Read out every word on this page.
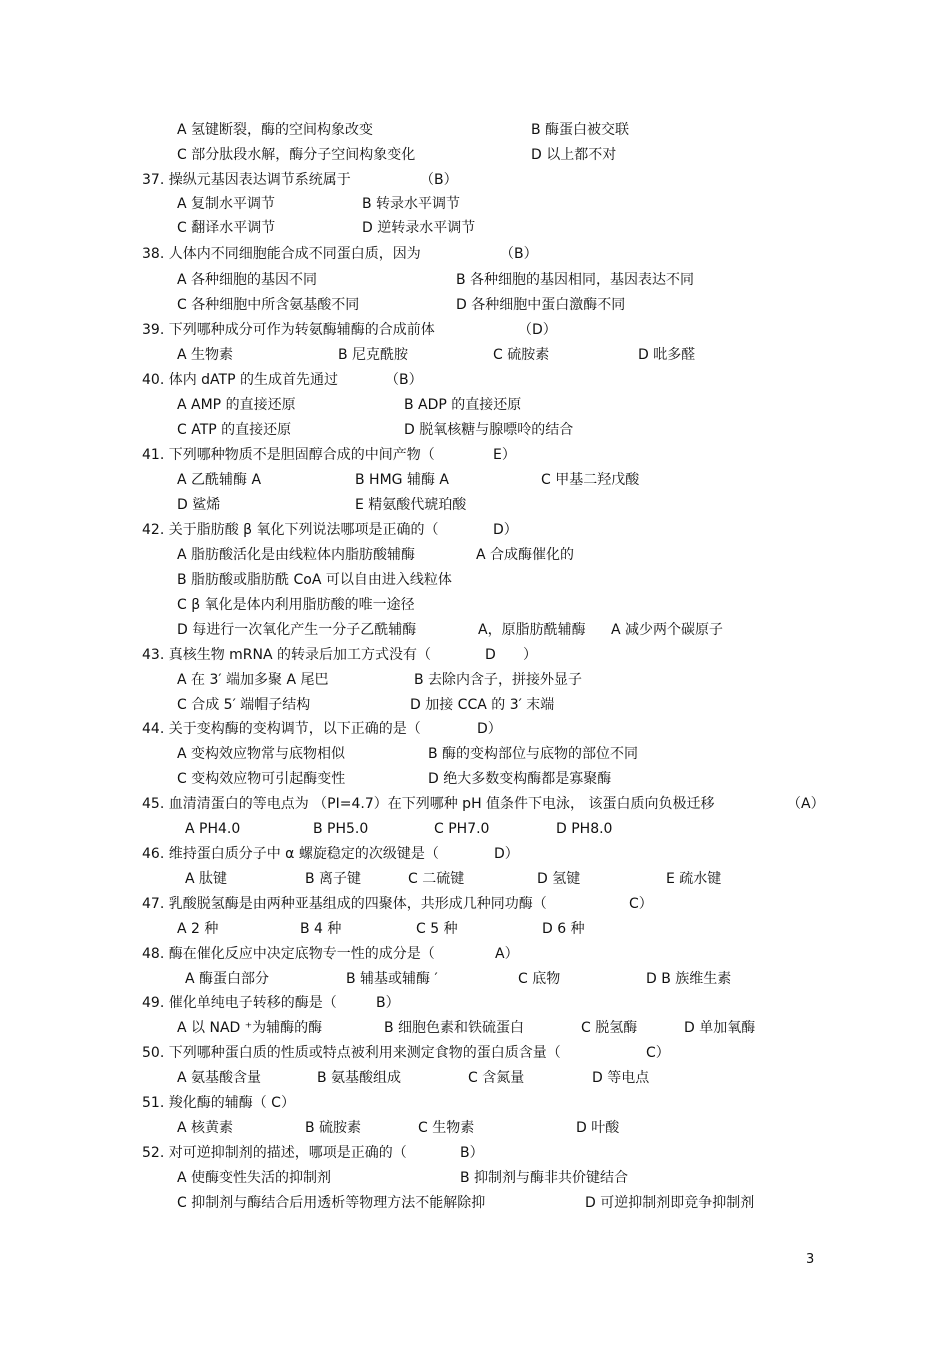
A 氢键断裂，酶的空间构象改变	B 酶蛋白被交联
C 部分肽段水解，酶分子空间构象变化	D 以上都不对
37. 操纵元基因表达调节系统属于	（B）
A 复制水平调节	B 转录水平调节
C 翻译水平调节	D 逆转录水平调节
38. 人体内不同细胞能合成不同蛋白质，因为	（B）
A 各种细胞的基因不同	B 各种细胞的基因相同，基因表达不同
C 各种细胞中所含氨基酸不同	D 各种细胞中蛋白激酶不同
39. 下列哪种成分可作为转氨酶辅酶的合成前体	（D）
A 生物素	B 尼克酰胺	C 硫胺素	D 吡多醛
40. 体内 dATP 的生成首先通过	（B）
A AMP 的直接还原	B ADP 的直接还原
C ATP 的直接还原	D 脱氧核糖与腺嘌呤的结合
41. 下列哪种物质不是胆固醇合成的中间产物（	E）
A 乙酰辅酶 A	B HMG 辅酶 A	C 甲基二羟戊酸
D 鲨烯	E 精氨酸代琥珀酸
42. 关于脂肪酸 β 氧化下列说法哪项是正确的（	D）
A 脂肪酸活化是由线粒体内脂肪酸辅酶	A 合成酶催化的
B 脂肪酸或脂肪酰 CoA 可以自由进入线粒体
C β 氧化是体内利用脂肪酸的唯一途径
D 每进行一次氧化产生一分子乙酰辅酶	A，原脂肪酰辅酶 A 减少两个碳原子
43. 真核生物 mRNA 的转录后加工方式没有（	D ）
A 在 3′ 端加多聚 A 尾巴	B 去除内含子，拼接外显子
C 合成 5′ 端帽子结构	D 加接 CCA 的 3′ 末端
44. 关于变构酶的变构调节，以下正确的是（	D）
A 变构效应物常与底物相似	B 酶的变构部位与底物的部位不同
C 变构效应物可引起酶变性	D 绝大多数变构酶都是寡聚酶
45. 血清清蛋白的等电点为 （PI=4.7）在下列哪种 pH 值条件下电泳， 该蛋白质向负极迁移	（A）
A PH4.0	B PH5.0	C PH7.0	D PH8.0
46. 维持蛋白质分子中 α 螺旋稳定的次级键是（	D）
A 肽键	B 离子键	C 二硫键	D 氢键	E 疏水键
47. 乳酸脱氢酶是由两种亚基组成的四聚体，共形成几种同功酶（	C）
A 2 种	B 4 种	C 5 种	D 6 种
48. 酶在催化反应中决定底物专一性的成分是（	A）
A 酶蛋白部分	B 辅基或辅酶 ′	C 底物	D B 族维生素
49. 催化单纯电子转移的酶是（	B）
A 以 NAD ⁺为辅酶的酶	B 细胞色素和铁硫蛋白	C 脱氢酶	D 单加氧酶
50. 下列哪种蛋白质的性质或特点被利用来测定食物的蛋白质含量（	C）
A 氨基酸含量	B 氨基酸组成	C 含氮量	D 等电点
51. 羧化酶的辅酶（ C）
A 核黄素	B 硫胺素	C 生物素	D 叶酸
52. 对可逆抑制剂的描述，哪项是正确的（	B）
A 使酶变性失活的抑制剂	B 抑制剂与酶非共价键结合
C 抑制剂与酶结合后用透析等物理方法不能解除抑	D 可逆抑制剂即竞争抑制剂
3
